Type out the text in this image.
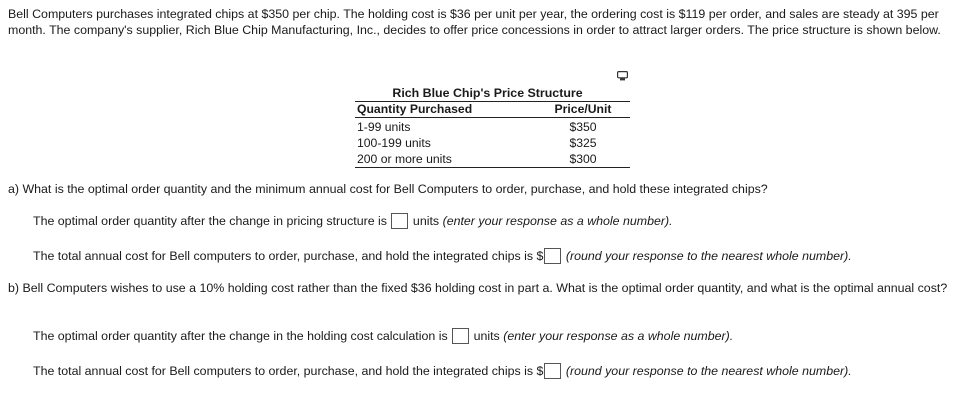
Bell Computers purchases integrated chips at $350 per chip. The holding cost is $36 per unit per year, the ordering cost is $119 per order, and sales are steady at 395 per month. The company's supplier, Rich Blue Chip Manufacturing, Inc., decides to offer price concessions in order to attract larger orders. The price structure is shown below.
Rich Blue Chip's Price Structure
Quantity Purchased	Price/Unit
1-99 units	$350
100-199 units	$325
200 or more units	$300
a) What is the optimal order quantity and the minimum annual cost for Bell Computers to order, purchase, and hold these integrated chips?
The optimal order quantity after the change in pricing structure is units (enter your response as a whole number).
The total annual cost for Bell computers to order, purchase, and hold the integrated chips is $ (round your response to the nearest whole number).
b) Bell Computers wishes to use a 10% holding cost rather than the fixed $36 holding cost in part a. What is the optimal order quantity, and what is the optimal annual cost?
The optimal order quantity after the change in the holding cost calculation is units (enter your response as a whole number).
The total annual cost for Bell computers to order, purchase, and hold the integrated chips is $ (round your response to the nearest whole number).
